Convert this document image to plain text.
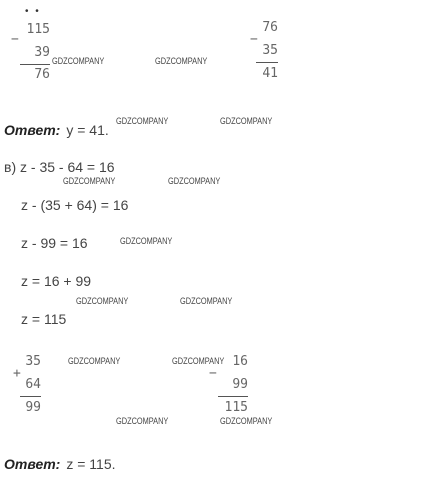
• •
−
115
39
76
GDZCOMPANY	GDZCOMPANY
−
76
35
41
Ответ: y = 41.
GDZCOMPANY	GDZCOMPANY
в) z - 35 - 64 = 16
GDZCOMPANY	GDZCOMPANY
z - (35 + 64) = 16
z - 99 = 16	GDZCOMPANY
z = 16 + 99
GDZCOMPANY	GDZCOMPANY
z = 115
+
35
64
99
GDZCOMPANY	GDZCOMPANY
−
16
99
115
GDZCOMPANY	GDZCOMPANY
Ответ: z = 115.
